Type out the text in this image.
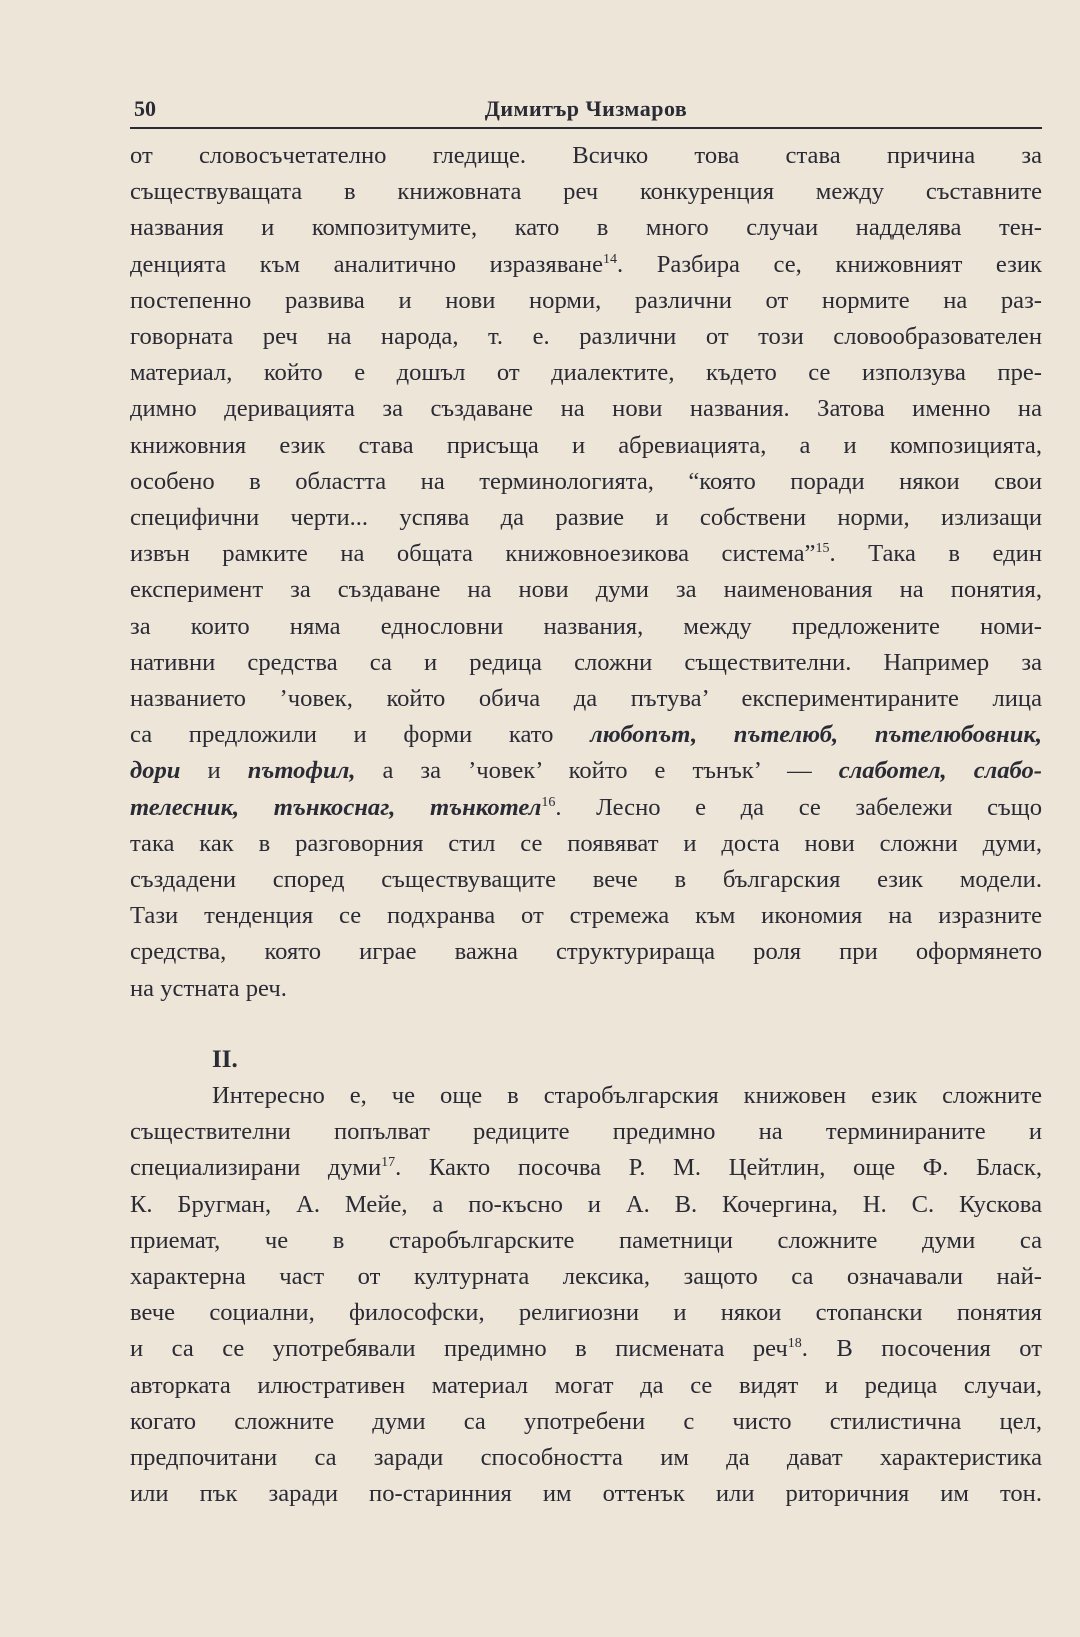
50	Димитър Чизмаров
от словосъчетателно гледище. Всичко това става причина за
съществуващата в книжовната реч конкуренция между съставните
названия и композитумите, като в много случаи надделява тен-
денцията към аналитично изразяване$^{14}$. Разбира се, книжовният език
постепенно развива и нови норми, различни от нормите на раз-
говорната реч на народа, т. е. различни от този словообразователен
материал, който е дошъл от диалектите, където се използува пре-
димно деривацията за създаване на нови названия. Затова именно на
книжовния език става присъща и абревиацията, а и композицията,
особено в областта на терминологията, “която поради някои свои
специфични черти... успява да развие и собствени норми, излизащи
извън рамките на общата книжовноезикова система”$^{15}$. Така в един
експеримент за създаване на нови думи за наименования на понятия,
за които няма еднословни названия, между предложените номи-
нативни средства са и редица сложни съществителни. Например за
названието ’човек, който обича да пътува’ експериментираните лица
са предложили и форми като любопът, пътелюб, пътелюбовник,
дори и пътофил, а за ’човек’ който е тънък’ — слаботел, слабо-
телесник, тънкоснаг, тънкотел$^{16}$. Лесно е да се забележи също
така как в разговорния стил се появяват и доста нови сложни думи,
създадени според съществуващите вече в българския език модели.
Тази тенденция се подхранва от стремежа към икономия на изразните
средства, която играе важна структурираща роля при оформянето
на устната реч.
II.
Интересно е, че още в старобългарския книжовен език сложните
съществителни попълват редиците предимно на терминираните и
специализирани думи$^{17}$. Както посочва Р. М. Цейтлин, още Ф. Бласк,
К. Бругман, А. Мейе, а по-късно и А. В. Кочергина, Н. С. Кускова
приемат, че в старобългарските паметници сложните думи са
характерна част от културната лексика, защото са означавали най-
вече социални, философски, религиозни и някои стопански понятия
и са се употребявали предимно в писмената реч$^{18}$. В посочения от
авторката илюстративен материал могат да се видят и редица случаи,
когато сложните думи са употребени с чисто стилистична цел,
предпочитани са заради способността им да дават характеристика
или пък заради по-старинния им оттенък или риторичния им тон.
